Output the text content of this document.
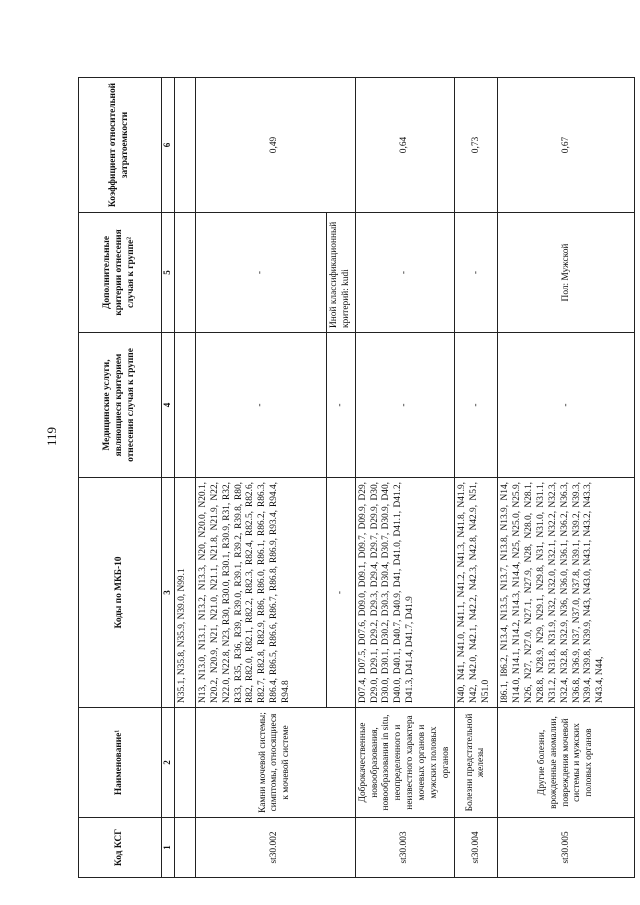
119
Код КСГ	Наименование¹	Коды по МКБ-10	Медицинские услуги, являющиеся критерием отнесения случая к группе	Дополнительные критерии отнесения случая к группе²	Коэффициент относительной затратоемкости
1	2	3	4	5	6
		N35.1, N35.8, N35.9, N39.0, N99.1			
st30.002	Камни мочевой системы; симптомы, относящиеся к мочевой системе	N13, N13.0, N13.1, N13.2, N13.3, N20, N20.0, N20.1, N20.2, N20.9, N21, N21.0, N21.1, N21.8, N21.9, N22, N22.0, N22.8, N23, R30, R30.0, R30.1, R30.9, R31, R32, R33, R35, R36, R39, R39.0, R39.1, R39.2, R39.8, R80, R82, R82.0, R82.1, R82.2, R82.3, R82.4, R82.5, R82.6, R82.7, R82.8, R82.9, R86, R86.0, R86.1, R86.2, R86.3, R86.4, R86.5, R86.6, R86.7, R86.8, R86.9, R93.4, R94.4, R94.8	-	-	0,49
		-	-	Иной классификационный критерий: kudi	
st30.003	Доброкачественные новообразования, новообразования in situ, неопределенного и неизвестного характера мочевых органов и мужских половых органов	D07.4, D07.5, D07.6, D09.0, D09.1, D09.7, D09.9, D29, D29.0, D29.1, D29.2, D29.3, D29.4, D29.7, D29.9, D30, D30.0, D30.1, D30.2, D30.3, D30.4, D30.7, D30.9, D40, D40.0, D40.1, D40.7, D40.9, D41, D41.0, D41.1, D41.2, D41.3, D41.4, D41.7, D41.9	-	-	0,64
st30.004	Болезни предстательной железы	N40, N41, N41.0, N41.1, N41.2, N41.3, N41.8, N41.9, N42, N42.0, N42.1, N42.2, N42.3, N42.8, N42.9, N51, N51.0	-	-	0,73
st30.005	Другие болезни, врожденные аномалии, повреждения мочевой системы и мужских половых органов	I86.1, I86.2, N13.4, N13.5, N13.7, N13.8, N13.9, N14, N14.0, N14.1, N14.2, N14.3, N14.4, N25, N25.0, N25.9, N26, N27, N27.0, N27.1, N27.9, N28, N28.0, N28.1, N28.8, N28.9, N29, N29.1, N29.8, N31, N31.0, N31.1, N31.2, N31.8, N31.9, N32, N32.0, N32.1, N32.2, N32.3, N32.4, N32.8, N32.9, N36, N36.0, N36.1, N36.2, N36.3, N36.8, N36.9, N37, N37.0, N37.8, N39.1, N39.2, N39.3, N39.4, N39.8, N39.9, N43, N43.0, N43.1, N43.2, N43.3, N43.4, N44,	-	Пол: Мужской	0,67
